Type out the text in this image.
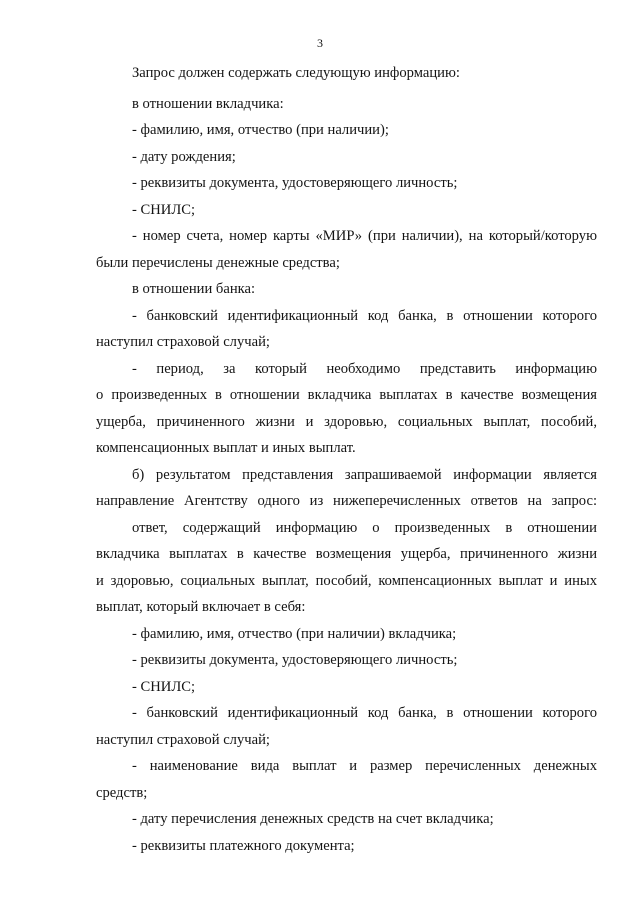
3
Запрос должен содержать следующую информацию:
в отношении вкладчика:
- фамилию, имя, отчество (при наличии);
- дату рождения;
- реквизиты документа, удостоверяющего личность;
- СНИЛС;
- номер счета, номер карты «МИР» (при наличии), на который/которую
были перечислены денежные средства;
в отношении банка:
- банковский идентификационный код банка, в отношении которого
наступил страховой случай;
- период, за который необходимо представить информацию
о произведенных в отношении вкладчика выплатах в качестве возмещения
ущерба, причиненного жизни и здоровью, социальных выплат, пособий,
компенсационных выплат и иных выплат.
б) результатом представления запрашиваемой информации является
направление Агентству одного из нижеперечисленных ответов на запрос:
ответ, содержащий информацию о произведенных в отношении
вкладчика выплатах в качестве возмещения ущерба, причиненного жизни
и здоровью, социальных выплат, пособий, компенсационных выплат и иных
выплат, который включает в себя:
- фамилию, имя, отчество (при наличии) вкладчика;
- реквизиты документа, удостоверяющего личность;
- СНИЛС;
- банковский идентификационный код банка, в отношении которого
наступил страховой случай;
- наименование вида выплат и размер перечисленных денежных
средств;
- дату перечисления денежных средств на счет вкладчика;
- реквизиты платежного документа;
